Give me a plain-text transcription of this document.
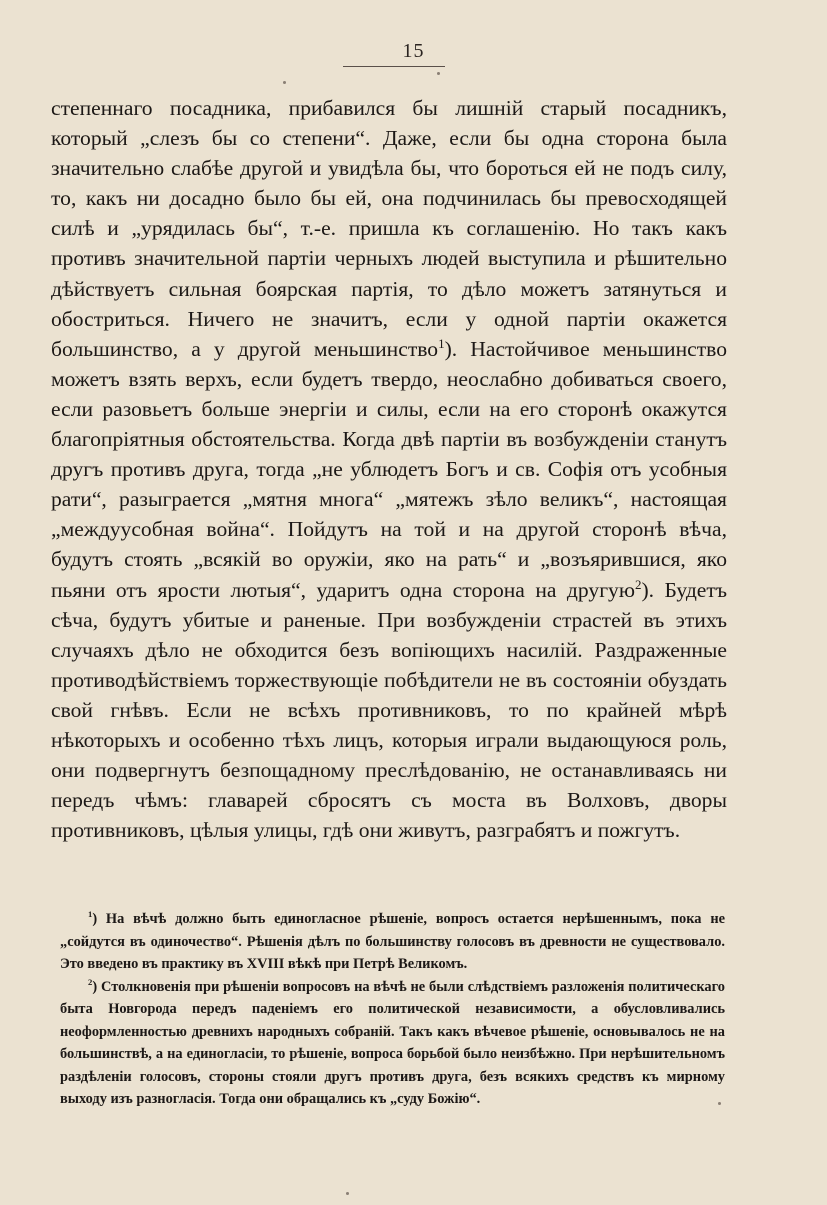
15

степеннаго посадника, прибавился бы лишній старый посадникъ, который „слезъ бы со степени“. Даже, если бы одна сторона была значительно слабѣе другой и увидѣла бы, что бороться ей не подъ силу, то, какъ ни досадно было бы ей, она подчинилась бы превосходящей силѣ и „урядилась бы“, т.-е. пришла къ соглашенію. Но такъ какъ противъ значительной партіи черныхъ людей выступила и рѣшительно дѣйствуетъ сильная боярская партія, то дѣло можетъ затянуться и обостриться. Ничего не значитъ, если у одной партіи окажется большинство, а у другой меньшинство$^1$). Настойчивое меньшинство можетъ взять верхъ, если будетъ твердо, неослабно добиваться своего, если разовьетъ больше энергіи и силы, если на его сторонѣ окажутся благопріятныя обстоятельства. Когда двѣ партіи въ возбужденіи станутъ другъ противъ друга, тогда „не ублюдетъ Богъ и св. Софія отъ усобныя рати“, разыграется „мятня многа“ „мятежъ зѣло великъ“, настоящая „междуусобная война“. Пойдутъ на той и на другой сторонѣ вѣча, будутъ стоять „всякій во оружіи, яко на рать“ и „возъярившися, яко пьяни отъ ярости лютыя“, ударитъ одна сторона на другую$^2$). Будетъ сѣча, будутъ убитые и раненые. При возбужденіи страстей въ этихъ случаяхъ дѣло не обходится безъ вопіющихъ насилій. Раздраженные противодѣйствіемъ торжествующіе побѣдители не въ состояніи обуздать свой гнѣвъ. Если не всѣхъ противниковъ, то по крайней мѣрѣ нѣкоторыхъ и особенно тѣхъ лицъ, которыя играли выдающуюся роль, они подвергнутъ безпощадному преслѣдованію, не останавливаясь ни передъ чѣмъ: главарей сбросятъ съ моста въ Волховъ, дворы противниковъ, цѣлыя улицы, гдѣ они живутъ, разграбятъ и пожгутъ.

$^1$) На вѣчѣ должно быть единогласное рѣшеніе, вопросъ остается нерѣшеннымъ, пока не „сойдутся въ одиночество“. Рѣшенія дѣлъ по большинству голосовъ въ древности не существовало. Это введено въ практику въ XVIII вѣкѣ при Петрѣ Великомъ.

$^2$) Столкновенія при рѣшеніи вопросовъ на вѣчѣ не были слѣдствіемъ разложенія политическаго быта Новгорода передъ паденіемъ его политической независимости, а обусловливались неоформленностью древнихъ народныхъ собраній. Такъ какъ вѣчевое рѣшеніе, основывалось не на большинствѣ, а на единогласіи, то рѣшеніе, вопроса борьбой было неизбѣжно. При нерѣшительномъ раздѣленіи голосовъ, стороны стояли другъ противъ друга, безъ всякихъ средствъ къ мирному выходу изъ разногласія. Тогда они обращались къ „суду Божію“.
